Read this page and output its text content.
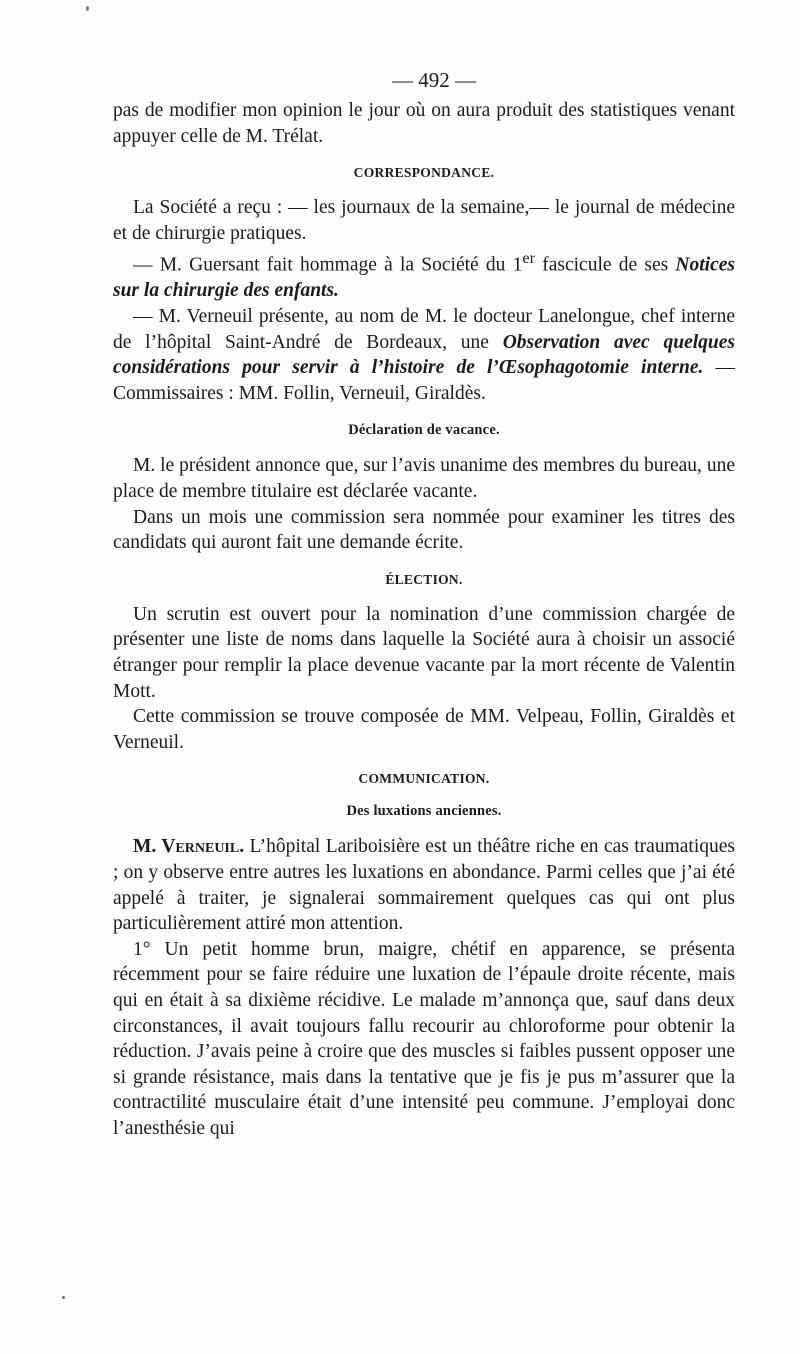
— 492 —

pas de modifier mon opinion le jour où on aura produit des statistiques venant appuyer celle de M. Trélat.

CORRESPONDANCE.

La Société a reçu : — les journaux de la semaine,— le journal de médecine et de chirurgie pratiques.

— M. Guersant fait hommage à la Société du 1er fascicule de ses Notices sur la chirurgie des enfants.

— M. Verneuil présente, au nom de M. le docteur Lanelongue, chef interne de l’hôpital Saint-André de Bordeaux, une Observation avec quelques considérations pour servir à l’histoire de l’Œsophagotomie interne. —Commissaires : MM. Follin, Verneuil, Giraldès.

Déclaration de vacance.

M. le président annonce que, sur l’avis unanime des membres du bureau, une place de membre titulaire est déclarée vacante.

Dans un mois une commission sera nommée pour examiner les titres des candidats qui auront fait une demande écrite.

ÉLECTION.

Un scrutin est ouvert pour la nomination d’une commission chargée de présenter une liste de noms dans laquelle la Société aura à choisir un associé étranger pour remplir la place devenue vacante par la mort récente de Valentin Mott.

Cette commission se trouve composée de MM. Velpeau, Follin, Giraldès et Verneuil.

COMMUNICATION.
Des luxations anciennes.

M. Verneuil. L’hôpital Lariboisière est un théâtre riche en cas traumatiques ; on y observe entre autres les luxations en abondance. Parmi celles que j’ai été appelé à traiter, je signalerai sommairement quelques cas qui ont plus particulièrement attiré mon attention.

1° Un petit homme brun, maigre, chétif en apparence, se présenta récemment pour se faire réduire une luxation de l’épaule droite récente, mais qui en était à sa dixième récidive. Le malade m’annonça que, sauf dans deux circonstances, il avait toujours fallu recourir au chloroforme pour obtenir la réduction. J’avais peine à croire que des muscles si faibles pussent opposer une si grande résistance, mais dans la tentative que je fis je pus m’assurer que la contractilité musculaire était d’une intensité peu commune. J’employai donc l’anesthésie qui
